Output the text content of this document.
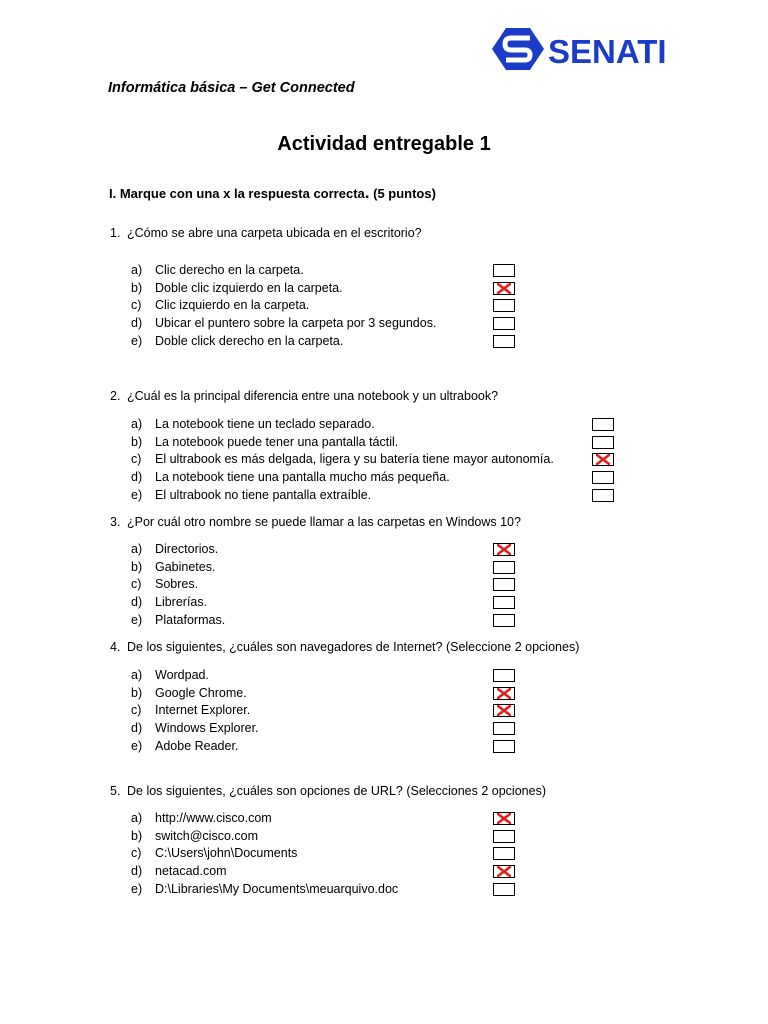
SENATI
Informática básica – Get Connected
Actividad entregable 1
I. Marque con una x la respuesta correcta. (5 puntos)
1. ¿Cómo se abre una carpeta ubicada en el escritorio?
a) Clic derecho en la carpeta.
b) Doble clic izquierdo en la carpeta.
c) Clic izquierdo en la carpeta.
d) Ubicar el puntero sobre la carpeta por 3 segundos.
e) Doble click derecho en la carpeta.
2. ¿Cuál es la principal diferencia entre una notebook y un ultrabook?
a) La notebook tiene un teclado separado.
b) La notebook puede tener una pantalla táctil.
c) El ultrabook es más delgada, ligera y su batería tiene mayor autonomía.
d) La notebook tiene una pantalla mucho más pequeña.
e) El ultrabook no tiene pantalla extraíble.
3. ¿Por cuál otro nombre se puede llamar a las carpetas en Windows 10?
a) Directorios.
b) Gabinetes.
c) Sobres.
d) Librerías.
e) Plataformas.
4. De los siguientes, ¿cuáles son navegadores de Internet? (Seleccione 2 opciones)
a) Wordpad.
b) Google Chrome.
c) Internet Explorer.
d) Windows Explorer.
e) Adobe Reader.
5. De los siguientes, ¿cuáles son opciones de URL? (Selecciones 2 opciones)
a) http://www.cisco.com
b) switch@cisco.com
c) C:\Users\john\Documents
d) netacad.com
e) D:\Libraries\My Documents\meuarquivo.doc
